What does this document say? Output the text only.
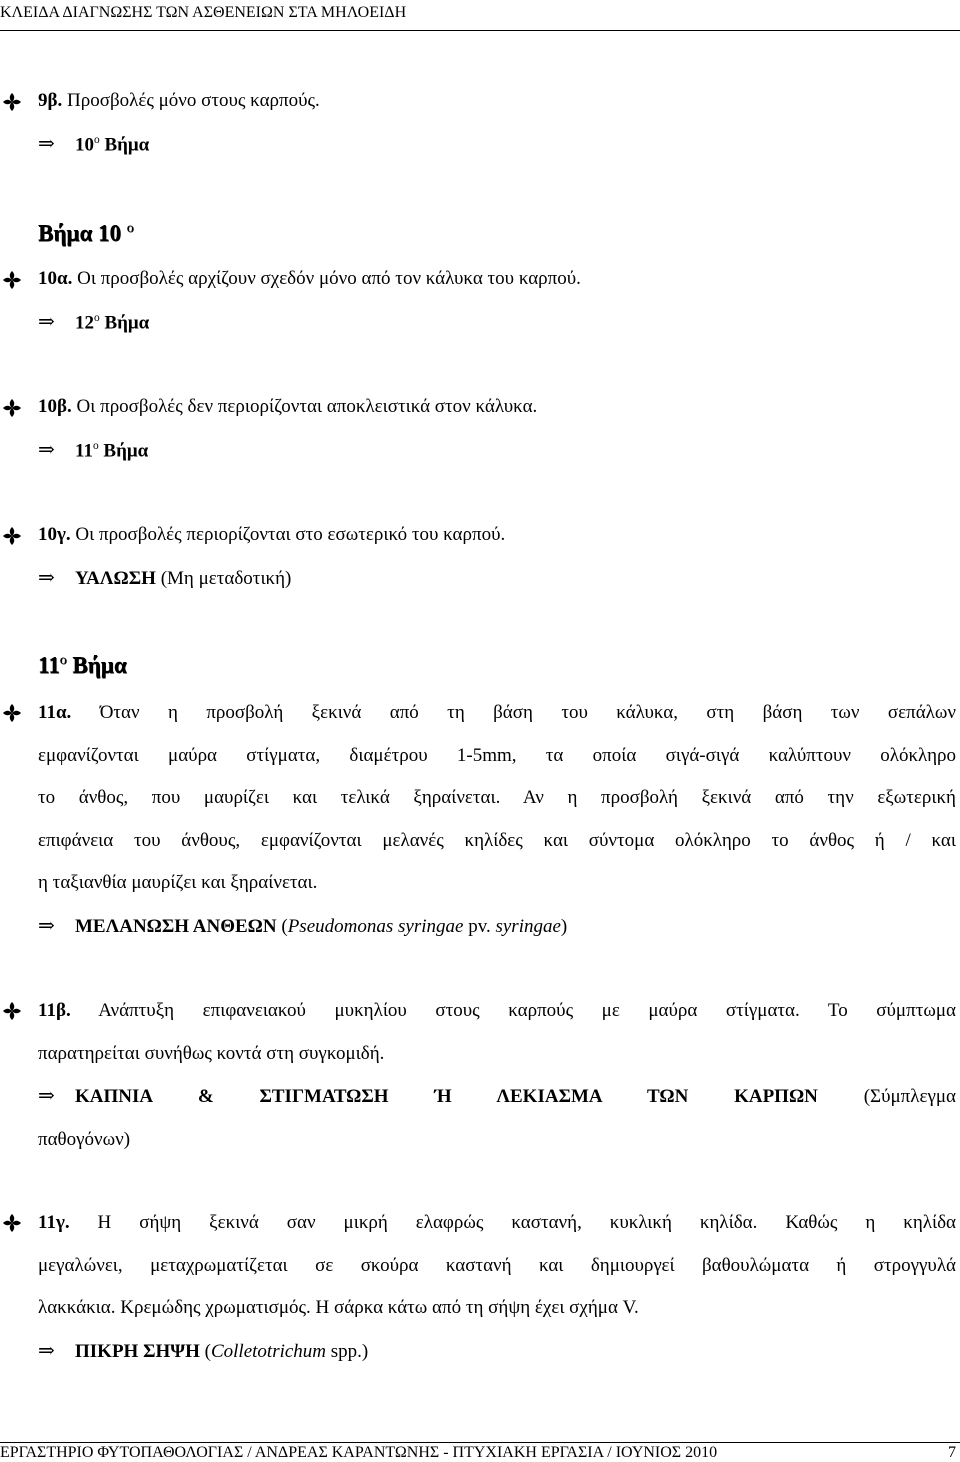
ΚΛΕΙΔΑ ΔΙΑΓΝΩΣΗΣ ΤΩΝ ΑΣΘΕΝΕΙΩΝ ΣΤΑ ΜΗΛΟΕΙΔΗ
9β. Προσβολές μόνο στους καρπούς.
⇒	$10^o$ Βήμα
Βήμα 10 $^o$
10α. Οι προσβολές αρχίζουν σχεδόν μόνο από τον κάλυκα του καρπού.
⇒	$12^o$ Βήμα
10β. Οι προσβολές δεν περιορίζονται αποκλειστικά στον κάλυκα.
⇒	$11^o$ Βήμα
10γ. Οι προσβολές περιορίζονται στο εσωτερικό του καρπού.
⇒	ΥΑΛΩΣΗ (Μη μεταδοτική)
$11^o$ Βήμα
11α. Όταν η προσβολή ξεκινά από τη βάση του κάλυκα, στη βάση των σεπάλων
εμφανίζονται μαύρα στίγματα, διαμέτρου 1-5mm, τα οποία σιγά-σιγά καλύπτουν ολόκληρο
το άνθος, που μαυρίζει και τελικά ξηραίνεται. Αν η προσβολή ξεκινά από την εξωτερική
επιφάνεια του άνθους, εμφανίζονται μελανές κηλίδες και σύντομα ολόκληρο το άνθος ή / και
η ταξιανθία μαυρίζει και ξηραίνεται.
⇒ ΜΕΛΑΝΩΣΗ ΑΝΘΕΩΝ (Pseudomonas syringae pv. syringae)
11β. Ανάπτυξη επιφανειακού μυκηλίου στους καρπούς με μαύρα στίγματα. Το σύμπτωμα
παρατηρείται συνήθως κοντά στη συγκομιδή.
⇒ ΚΑΠΝΙΑ & ΣΤΙΓΜΑΤΩΣΗ Ή ΛΕΚΙΑΣΜΑ ΤΩΝ ΚΑΡΠΩΝ (Σύμπλεγμα
παθογόνων)
11γ. Η σήψη ξεκινά σαν μικρή ελαφρώς καστανή, κυκλική κηλίδα. Καθώς η κηλίδα
μεγαλώνει, μεταχρωματίζεται σε σκούρα καστανή και δημιουργεί βαθουλώματα ή στρογγυλά
λακκάκια. Κρεμώδης χρωματισμός. Η σάρκα κάτω από τη σήψη έχει σχήμα V.
⇒ ΠΙΚΡΗ ΣΗΨΗ (Colletotrichum spp.)
ΕΡΓΑΣΤΗΡΙΟ ΦΥΤΟΠΑΘΟΛΟΓΙΑΣ / ΑΝΔΡΕΑΣ ΚΑΡΑΝΤΩΝΗΣ - ΠΤΥΧΙΑΚΗ ΕΡΓΑΣΙΑ / ΙΟΥΝΙΟΣ 2010	7
